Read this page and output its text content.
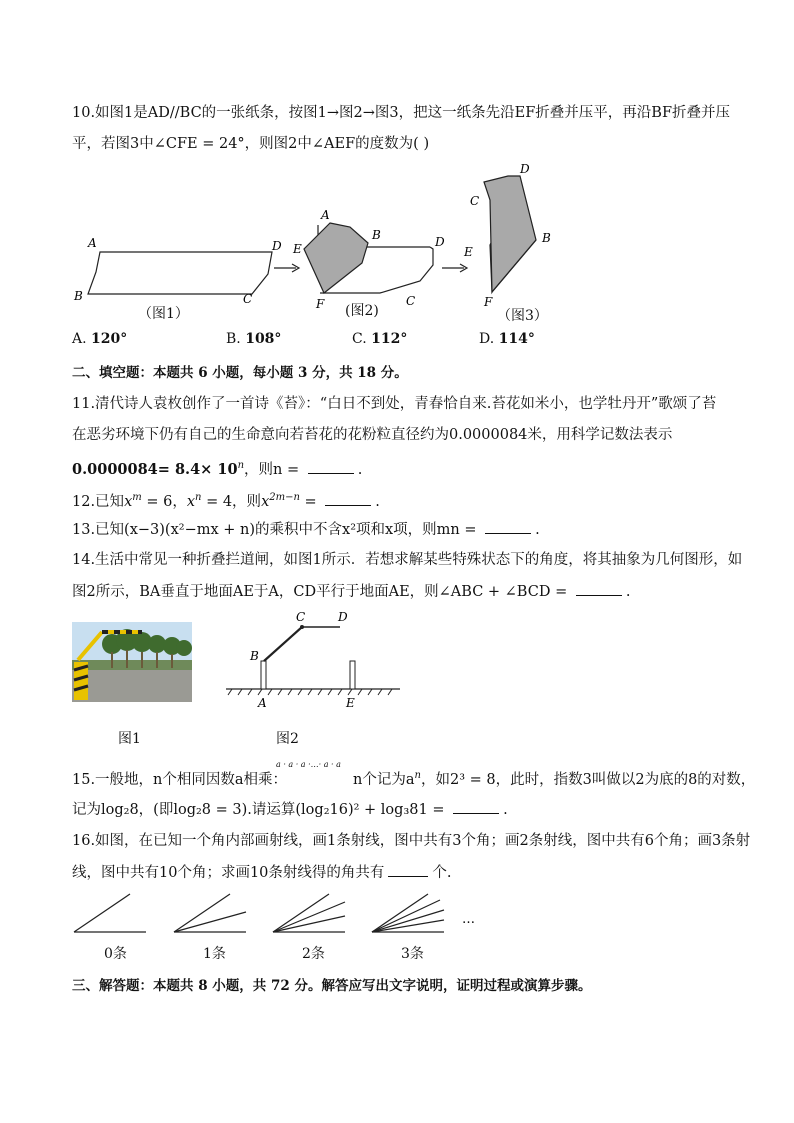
10.如图1是AD//BC的一张纸条，按图1→图2→图3，把这一纸条先沿EF折叠并压平，再沿BF折叠并压
平，若图3中∠CFE = 24°，则图2中∠AEF的度数为( )
A
B	C
D
（图1）
A
B
E	D
F	C
(图2)
D
C
E
B
F
（图3）
A. 120°	B. 108°	C. 112°	D. 114°
二、填空题：本题共 6 小题，每小题 3 分，共 18 分。
11.清代诗人袁枚创作了一首诗《苔》：“白日不到处，青春恰自来.苔花如米小，也学牡丹开”歌颂了苔
在恶劣环境下仍有自己的生命意向若苔花的花粉粒直径约为0.0000084米，用科学记数法表示
$0.0000084= 8.4\times 10^n$，则n =	.
12.已知$x^m = 6$，$x^n = 4$，则$x^{2m-n}$ =	.
13.已知(x−3)(x²−mx + n)的乘积中不含x²项和x项，则mn =	.
14.生活中常见一种折叠拦道闸，如图1所示．若想求解某些特殊状态下的角度，将其抽象为几何图形，如
图2所示，BA垂直于地面AE于A，CD平行于地面AE，则∠ABC + ∠BCD =	.
图1
B
C	D
A	E
图2
a · a · a ·…· a · a
15.一般地，n个相同因数a相乘：	n个记为$a^n$，如2³ = 8，此时，指数3叫做以2为底的8的对数，
记为log₂8，(即log₂8 = 3).请运算(log₂16)² + log₃81 =	.
16.如图，在已知一个角内部画射线，画1条射线，图中共有3个角；画2条射线，图中共有6个角；画3条射
线，图中共有10个角；求画10条射线得的角共有	个.
…
0条	1条	2条	3条
三、解答题：本题共 8 小题，共 72 分。解答应写出文字说明，证明过程或演算步骤。
